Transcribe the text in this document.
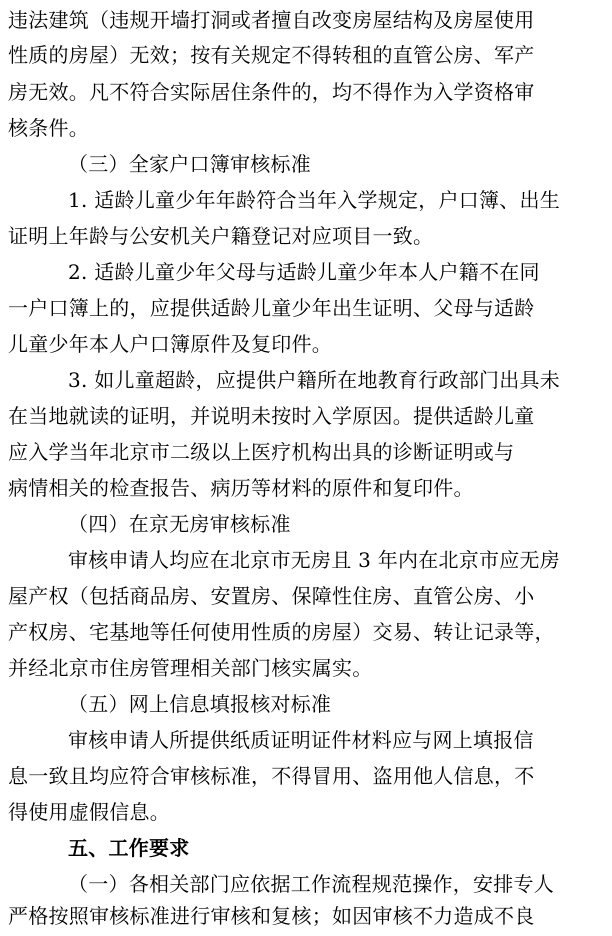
违法建筑（违规开墙打洞或者擅自改变房屋结构及房屋使用
性质的房屋）无效；按有关规定不得转租的直管公房、军产
房无效。凡不符合实际居住条件的，均不得作为入学资格审
核条件。
（三）全家户口簿审核标准
1. 适龄儿童少年年龄符合当年入学规定，户口簿、出生
证明上年龄与公安机关户籍登记对应项目一致。
2. 适龄儿童少年父母与适龄儿童少年本人户籍不在同
一户口簿上的，应提供适龄儿童少年出生证明、父母与适龄
儿童少年本人户口簿原件及复印件。
3. 如儿童超龄，应提供户籍所在地教育行政部门出具未
在当地就读的证明，并说明未按时入学原因。提供适龄儿童
应入学当年北京市二级以上医疗机构出具的诊断证明或与
病情相关的检查报告、病历等材料的原件和复印件。
（四）在京无房审核标准
审核申请人均应在北京市无房且 3 年内在北京市应无房
屋产权（包括商品房、安置房、保障性住房、直管公房、小
产权房、宅基地等任何使用性质的房屋）交易、转让记录等，
并经北京市住房管理相关部门核实属实。
（五）网上信息填报核对标准
审核申请人所提供纸质证明证件材料应与网上填报信
息一致且均应符合审核标准，不得冒用、盗用他人信息，不
得使用虚假信息。
五、工作要求
（一）各相关部门应依据工作流程规范操作，安排专人
严格按照审核标准进行审核和复核；如因审核不力造成不良
